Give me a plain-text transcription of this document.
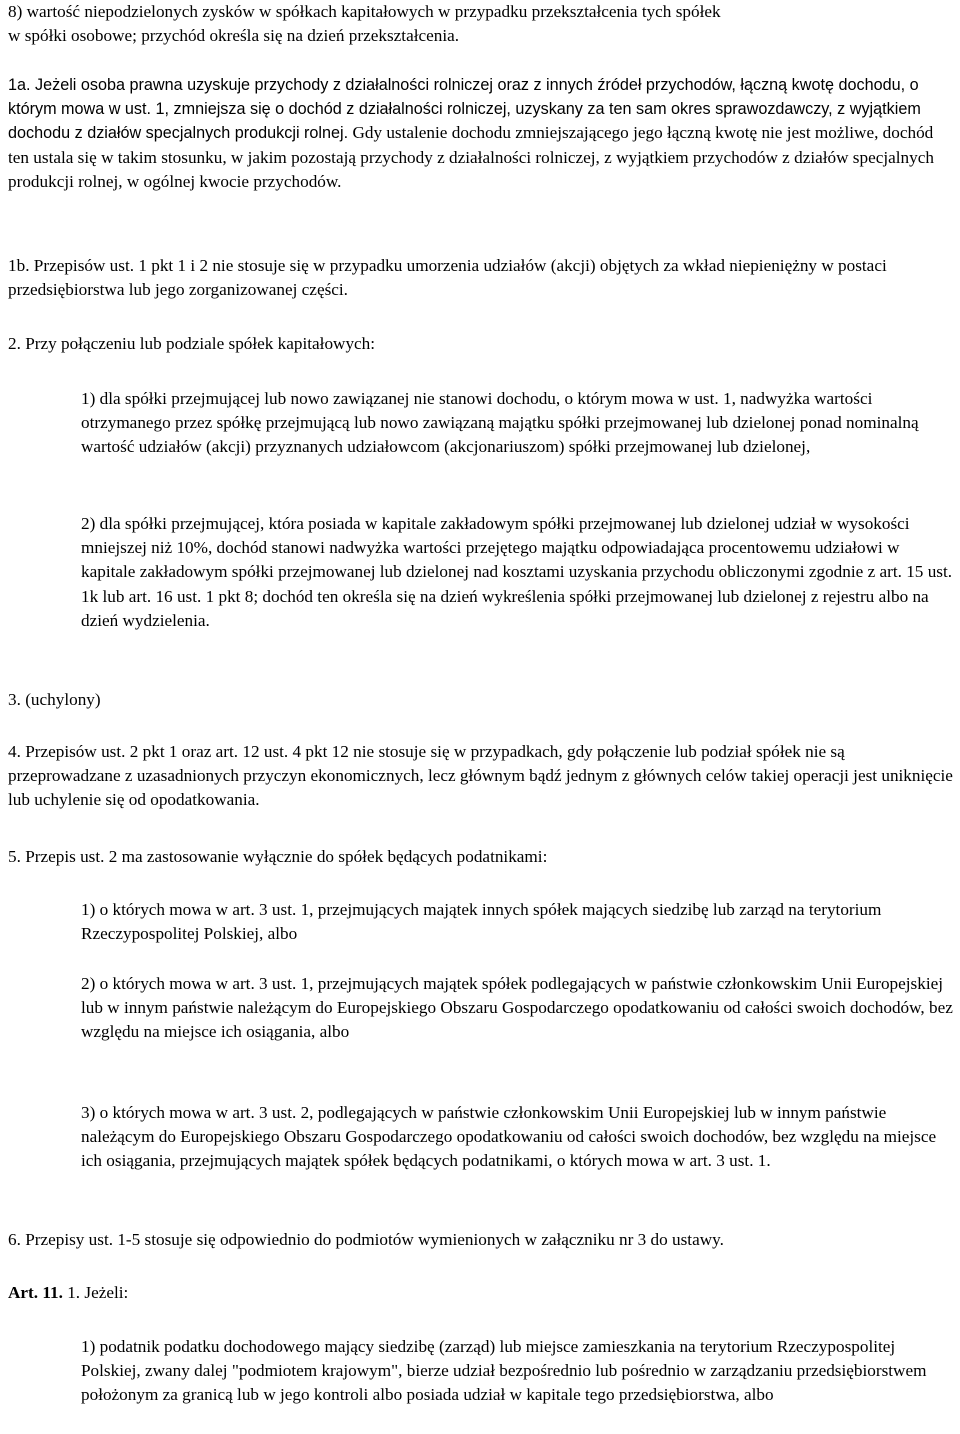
8) wartość niepodzielonych zysków w spółkach kapitałowych w przypadku przekształcenia tych spółek
w spółki osobowe; przychód określa się na dzień przekształcenia.

1a. Jeżeli osoba prawna uzyskuje przychody z działalności rolniczej oraz z innych źródeł przychodów, łączną kwotę dochodu, o którym mowa w ust. 1, zmniejsza się o dochód z działalności rolniczej, uzyskany za ten sam okres sprawozdawczy, z wyjątkiem dochodu z działów specjalnych produkcji rolnej. Gdy ustalenie dochodu zmniejszającego jego łączną kwotę nie jest możliwe, dochód ten ustala się w takim stosunku, w jakim pozostają przychody z działalności rolniczej, z wyjątkiem przychodów z działów specjalnych produkcji rolnej, w ogólnej kwocie przychodów.

1b. Przepisów ust. 1 pkt 1 i 2 nie stosuje się w przypadku umorzenia udziałów (akcji) objętych za wkład niepieniężny w postaci przedsiębiorstwa lub jego zorganizowanej części.

2. Przy połączeniu lub podziale spółek kapitałowych:

1) dla spółki przejmującej lub nowo zawiązanej nie stanowi dochodu, o którym mowa w ust. 1, nadwyżka wartości otrzymanego przez spółkę przejmującą lub nowo zawiązaną majątku spółki przejmowanej lub dzielonej ponad nominalną wartość udziałów (akcji) przyznanych udziałowcom (akcjonariuszom) spółki przejmowanej lub dzielonej,

2) dla spółki przejmującej, która posiada w kapitale zakładowym spółki przejmowanej lub dzielonej udział w wysokości mniejszej niż 10%, dochód stanowi nadwyżka wartości przejętego majątku odpowiadająca procentowemu udziałowi w kapitale zakładowym spółki przejmowanej lub dzielonej nad kosztami uzyskania przychodu obliczonymi zgodnie z art. 15 ust. 1k lub art. 16 ust. 1 pkt 8; dochód ten określa się na dzień wykreślenia spółki przejmowanej lub dzielonej z rejestru albo na dzień wydzielenia.

3. (uchylony)

4. Przepisów ust. 2 pkt 1 oraz art. 12 ust. 4 pkt 12 nie stosuje się w przypadkach, gdy połączenie lub podział spółek nie są przeprowadzane z uzasadnionych przyczyn ekonomicznych, lecz głównym bądź jednym z głównych celów takiej operacji jest uniknięcie lub uchylenie się od opodatkowania.

5. Przepis ust. 2 ma zastosowanie wyłącznie do spółek będących podatnikami:

1) o których mowa w art. 3 ust. 1, przejmujących majątek innych spółek mających siedzibę lub zarząd na terytorium Rzeczypospolitej Polskiej, albo

2) o których mowa w art. 3 ust. 1, przejmujących majątek spółek podlegających w państwie członkowskim Unii Europejskiej lub w innym państwie należącym do Europejskiego Obszaru Gospodarczego opodatkowaniu od całości swoich dochodów, bez względu na miejsce ich osiągania, albo

3) o których mowa w art. 3 ust. 2, podlegających w państwie członkowskim Unii Europejskiej lub w innym państwie należącym do Europejskiego Obszaru Gospodarczego opodatkowaniu od całości swoich dochodów, bez względu na miejsce ich osiągania, przejmujących majątek spółek będących podatnikami, o których mowa w art. 3 ust. 1.

6. Przepisy ust. 1-5 stosuje się odpowiednio do podmiotów wymienionych w załączniku nr 3 do ustawy.

Art. 11. 1. Jeżeli:

1) podatnik podatku dochodowego mający siedzibę (zarząd) lub miejsce zamieszkania na terytorium Rzeczypospolitej Polskiej, zwany dalej "podmiotem krajowym", bierze udział bezpośrednio lub pośrednio w zarządzaniu przedsiębiorstwem położonym za granicą lub w jego kontroli albo posiada udział w kapitale tego przedsiębiorstwa, albo
